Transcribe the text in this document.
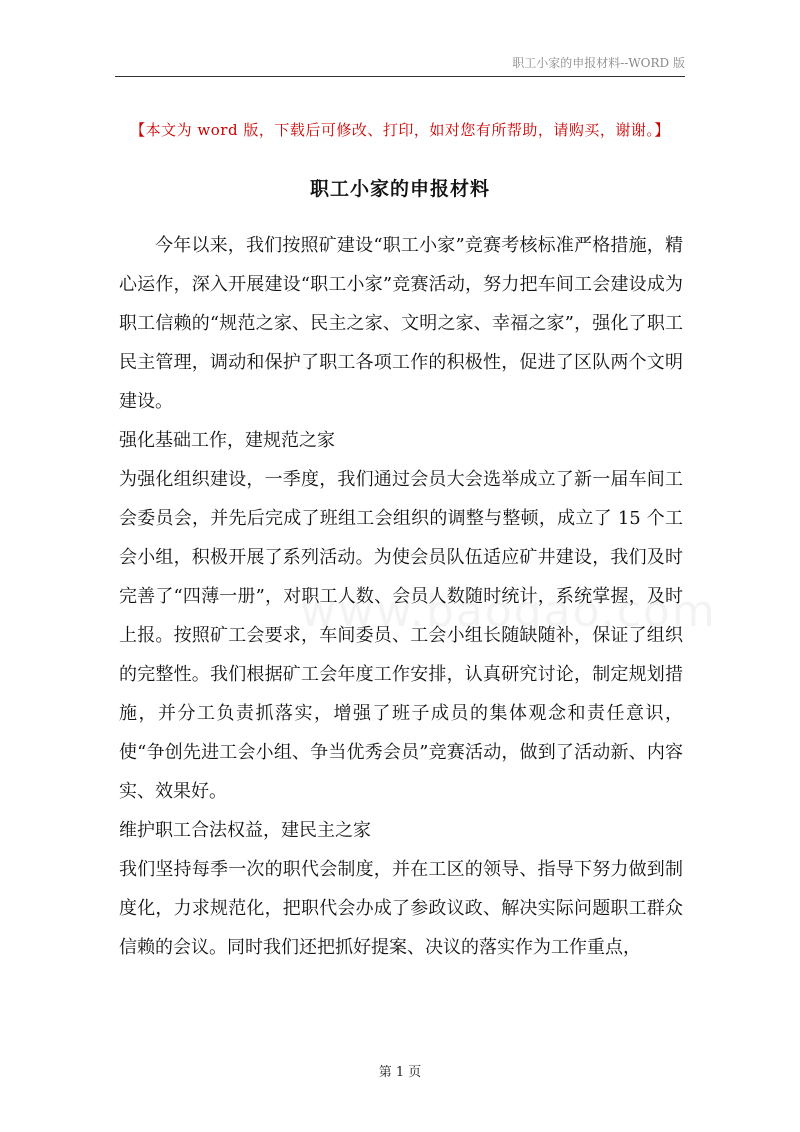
职工小家的申报材料--WORD 版
【本文为 word 版，下载后可修改、打印，如对您有所帮助，请购买，谢谢。】
职工小家的申报材料

今年以来，我们按照矿建设“职工小家”竞赛考核标准严格措施，精心运作，深入开展建设“职工小家”竞赛活动，努力把车间工会建设成为职工信赖的“规范之家、民主之家、文明之家、幸福之家”，强化了职工民主管理，调动和保护了职工各项工作的积极性，促进了区队两个文明建设。

强化基础工作，建规范之家

为强化组织建设，一季度，我们通过会员大会选举成立了新一届车间工会委员会，并先后完成了班组工会组织的调整与整顿，成立了 15 个工会小组，积极开展了系列活动。为使会员队伍适应矿井建设，我们及时完善了“四薄一册”，对职工人数、会员人数随时统计，系统掌握，及时上报。按照矿工会要求，车间委员、工会小组长随缺随补，保证了组织的完整性。我们根据矿工会年度工作安排，认真研究讨论，制定规划措施，并分工负责抓落实，增强了班子成员的集体观念和责任意识，使“争创先进工会小组、争当优秀会员”竞赛活动，做到了活动新、内容实、效果好。

维护职工合法权益，建民主之家

我们坚持每季一次的职代会制度，并在工区的领导、指导下努力做到制度化，力求规范化，把职代会办成了参政议政、解决实际问题职工群众信赖的会议。同时我们还把抓好提案、决议的落实作为工作重点，

第 1 页
